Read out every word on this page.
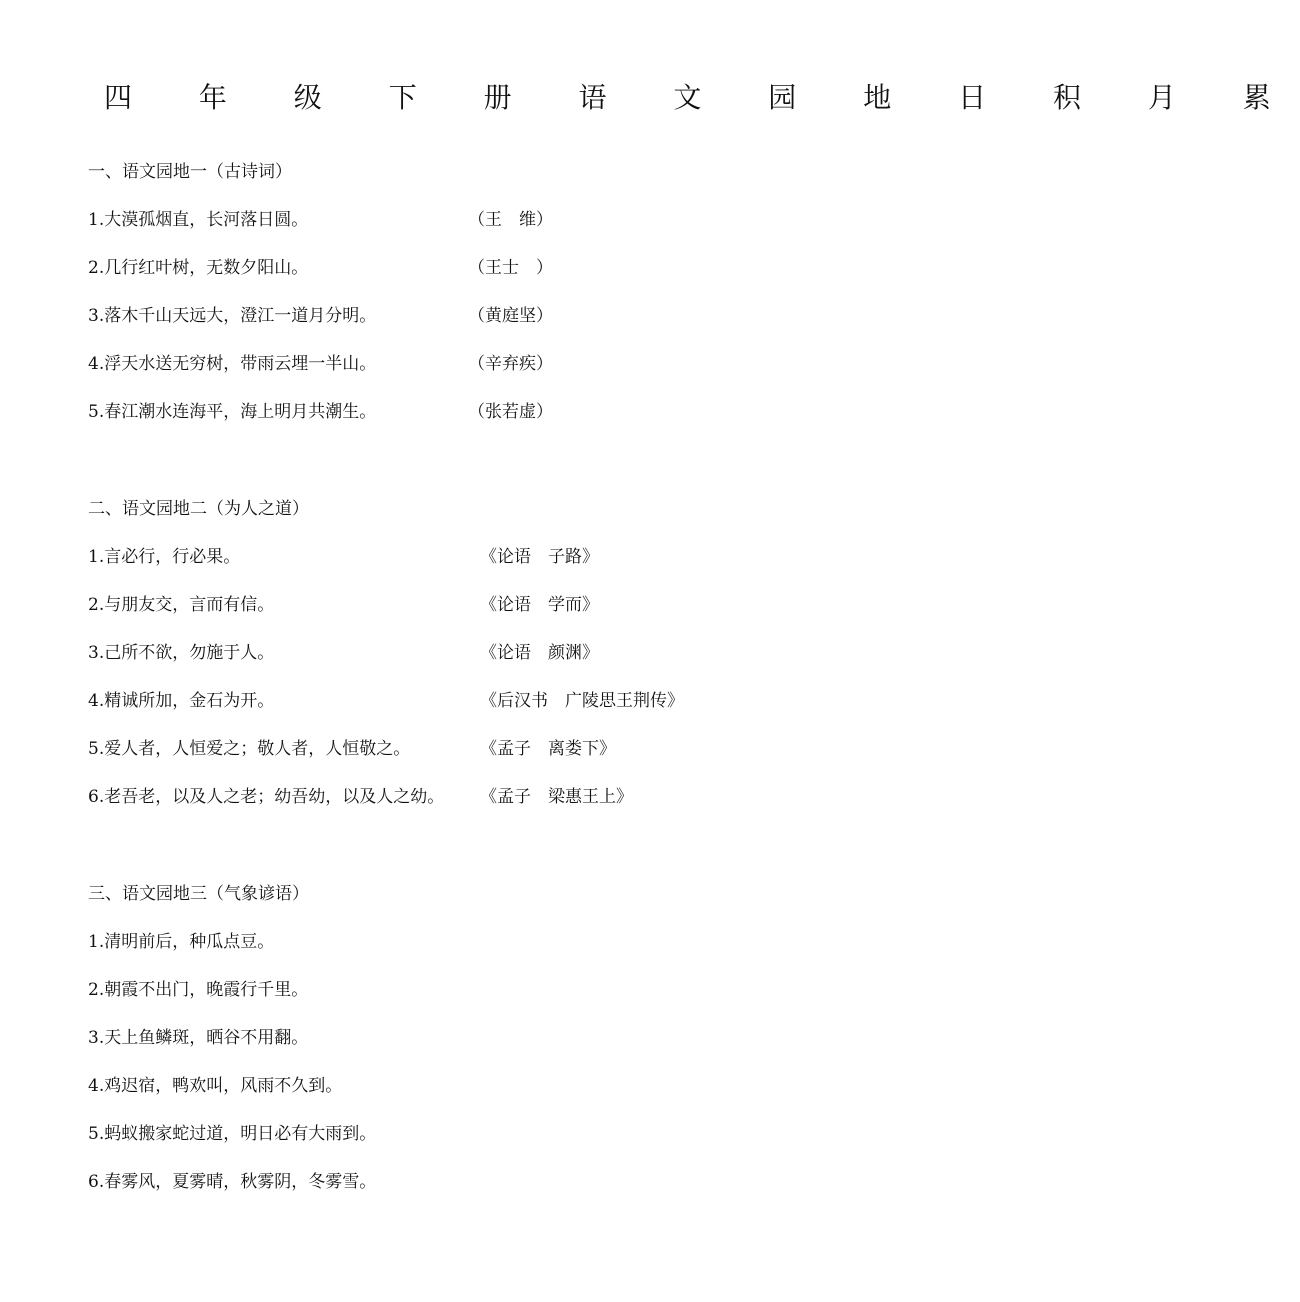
四 年 级 下 册 语 文 园 地 日 积 月 累
一、语文园地一（古诗词）
1.大漠孤烟直，长河落日圆。	（王　维）
2.几行红叶树，无数夕阳山。	（王士　）
3.落木千山天远大，澄江一道月分明。	（黄庭坚）
4.浮天水送无穷树，带雨云埋一半山。	（辛弃疾）
5.春江潮水连海平，海上明月共潮生。	（张若虚）
二、语文园地二（为人之道）
1.言必行，行必果。	《论语　子路》
2.与朋友交，言而有信。	《论语　学而》
3.己所不欲，勿施于人。	《论语　颜渊》
4.精诚所加，金石为开。	《后汉书　广陵思王荆传》
5.爱人者，人恒爱之；敬人者，人恒敬之。	《孟子　离娄下》
6.老吾老，以及人之老；幼吾幼，以及人之幼。 《孟子　梁惠王上》
三、语文园地三（气象谚语）
1.清明前后，种瓜点豆。
2.朝霞不出门，晚霞行千里。
3.天上鱼鳞斑，晒谷不用翻。
4.鸡迟宿，鸭欢叫，风雨不久到。
5.蚂蚁搬家蛇过道，明日必有大雨到。
6.春雾风，夏雾晴，秋雾阴，冬雾雪。
